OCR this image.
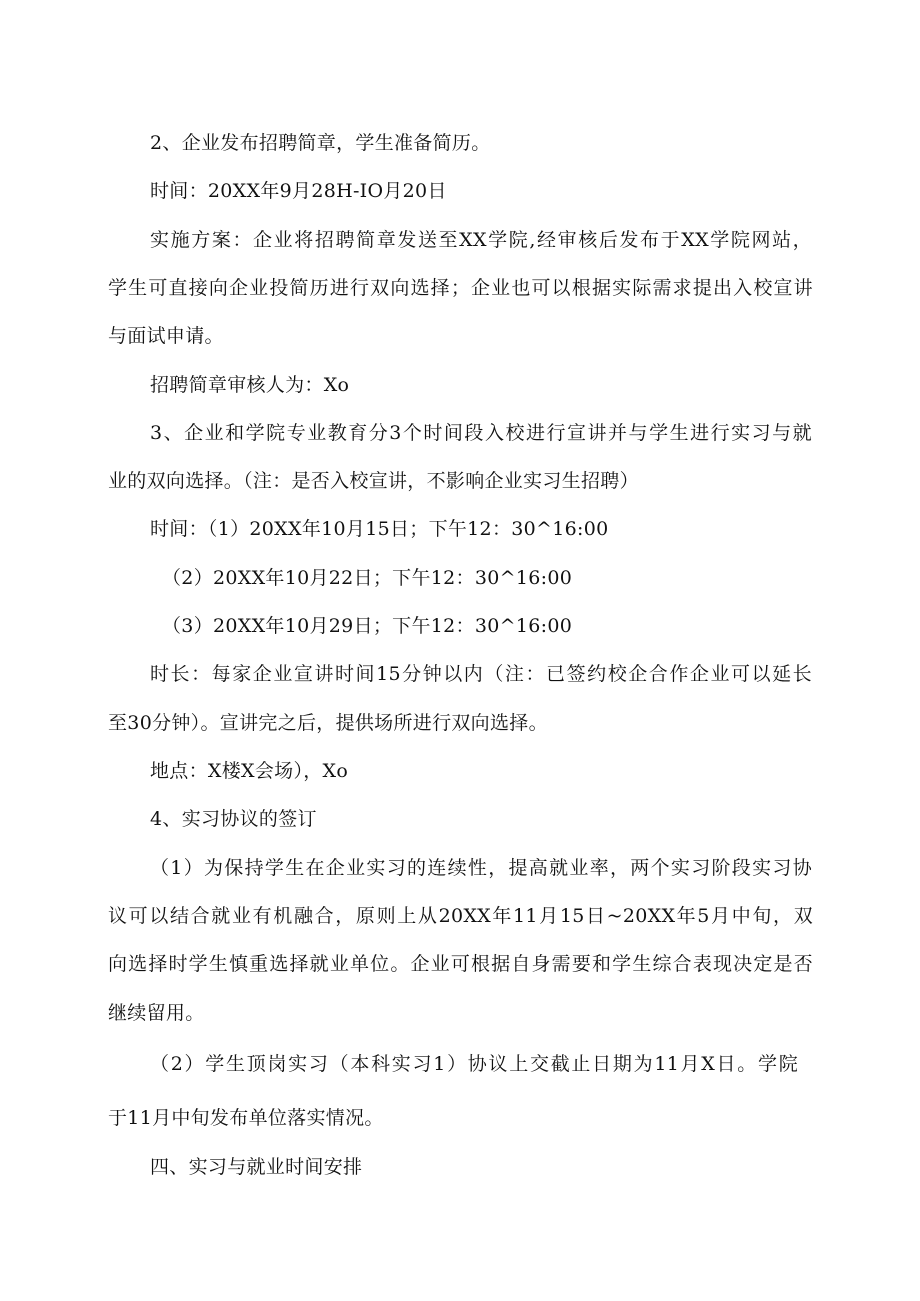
2、企业发布招聘简章，学生准备简历。
时间：20XX年9月28H-IO月20日
实施方案：企业将招聘简章发送至XX学院,经审核后发布于XX学院网站，
学生可直接向企业投简历进行双向选择；企业也可以根据实际需求提出入校宣讲
与面试申请。
招聘简章审核人为：Xo
3、企业和学院专业教育分3个时间段入校进行宣讲并与学生进行实习与就
业的双向选择。（注：是否入校宣讲，不影响企业实习生招聘）
时间：（1）20XX年10月15日；下午12：30^16:00
（2）20XX年10月22日；下午12：30^16:00
（3）20XX年10月29日；下午12：30^16:00
时长：每家企业宣讲时间15分钟以内（注：已签约校企合作企业可以延长
至30分钟）。宣讲完之后，提供场所进行双向选择。
地点：X楼X会场），Xo
4、实习协议的签订
（1）为保持学生在企业实习的连续性，提高就业率，两个实习阶段实习协
议可以结合就业有机融合，原则上从20XX年11月15日~20XX年5月中旬，双
向选择时学生慎重选择就业单位。企业可根据自身需要和学生综合表现决定是否
继续留用。
（2）学生顶岗实习（本科实习1）协议上交截止日期为11月X日。学院
于11月中旬发布单位落实情况。
四、实习与就业时间安排
